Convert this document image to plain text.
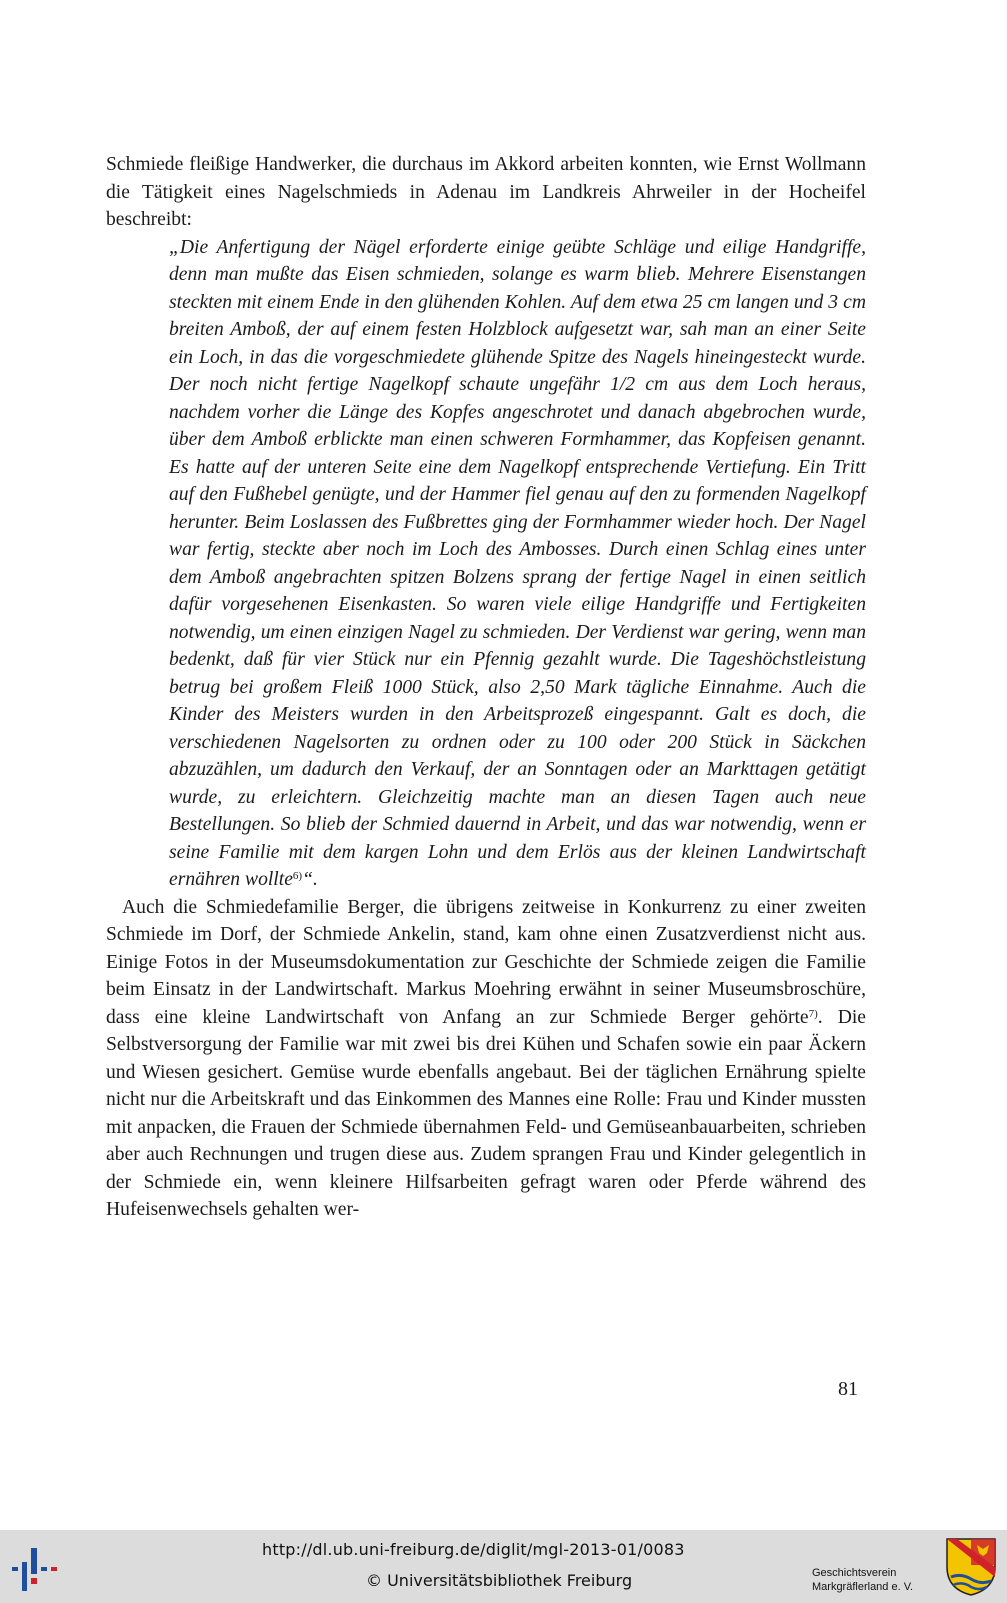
Schmiede fleißige Handwerker, die durchaus im Akkord arbeiten konnten, wie Ernst Wollmann die Tätigkeit eines Nagelschmieds in Adenau im Landkreis Ahrweiler in der Hocheifel beschreibt:

„Die Anfertigung der Nägel erforderte einige geübte Schläge und eilige Handgriffe, denn man mußte das Eisen schmieden, solange es warm blieb. Mehrere Eisenstangen steckten mit einem Ende in den glühenden Kohlen. Auf dem etwa 25 cm langen und 3 cm breiten Amboß, der auf einem festen Holzblock aufgesetzt war, sah man an einer Seite ein Loch, in das die vorgeschmiedete glühende Spitze des Nagels hineingesteckt wurde. Der noch nicht fertige Nagelkopf schaute ungefähr 1/2 cm aus dem Loch heraus, nachdem vorher die Länge des Kopfes angeschrotet und danach abgebrochen wurde, über dem Amboß erblickte man einen schweren Formhammer, das Kopfeisen genannt. Es hatte auf der unteren Seite eine dem Nagelkopf entsprechende Vertiefung. Ein Tritt auf den Fußhebel genügte, und der Hammer fiel genau auf den zu formenden Nagelkopf herunter. Beim Loslassen des Fußbrettes ging der Formhammer wieder hoch. Der Nagel war fertig, steckte aber noch im Loch des Ambosses. Durch einen Schlag eines unter dem Amboß angebrachten spitzen Bolzens sprang der fertige Nagel in einen seitlich dafür vorgesehenen Eisenkasten. So waren viele eilige Handgriffe und Fertigkeiten notwendig, um einen einzigen Nagel zu schmieden. Der Verdienst war gering, wenn man bedenkt, daß für vier Stück nur ein Pfennig gezahlt wurde. Die Tageshöchstleistung betrug bei großem Fleiß 1000 Stück, also 2,50 Mark tägliche Einnahme. Auch die Kinder des Meisters wurden in den Arbeitsprozeß eingespannt. Galt es doch, die verschiedenen Nagelsorten zu ordnen oder zu 100 oder 200 Stück in Säckchen abzuzählen, um dadurch den Verkauf, der an Sonntagen oder an Markttagen getätigt wurde, zu erleichtern. Gleichzeitig machte man an diesen Tagen auch neue Bestellungen. So blieb der Schmied dauernd in Arbeit, und das war notwendig, wenn er seine Familie mit dem kargen Lohn und dem Erlös aus der kleinen Landwirtschaft ernähren wollte$^{6)}$“.

Auch die Schmiedefamilie Berger, die übrigens zeitweise in Konkurrenz zu einer zweiten Schmiede im Dorf, der Schmiede Ankelin, stand, kam ohne einen Zusatzverdienst nicht aus. Einige Fotos in der Museumsdokumentation zur Geschichte der Schmiede zeigen die Familie beim Einsatz in der Landwirtschaft. Markus Moehring erwähnt in seiner Museumsbroschüre, dass eine kleine Landwirtschaft von Anfang an zur Schmiede Berger gehörte$^{7)}$. Die Selbstversorgung der Familie war mit zwei bis drei Kühen und Schafen sowie ein paar Äckern und Wiesen gesichert. Gemüse wurde ebenfalls angebaut. Bei der täglichen Ernährung spielte nicht nur die Arbeitskraft und das Einkommen des Mannes eine Rolle: Frau und Kinder mussten mit anpacken, die Frauen der Schmiede übernahmen Feld- und Gemüseanbauarbeiten, schrieben aber auch Rechnungen und trugen diese aus. Zudem sprangen Frau und Kinder gelegentlich in der Schmiede ein, wenn kleinere Hilfsarbeiten gefragt waren oder Pferde während des Hufeisenwechsels gehalten wer-

81
http://dl.ub.uni-freiburg.de/diglit/mgl-2013-01/0083
© Universitätsbibliothek Freiburg	Geschichtsverein
Markgräflerland e. V.
